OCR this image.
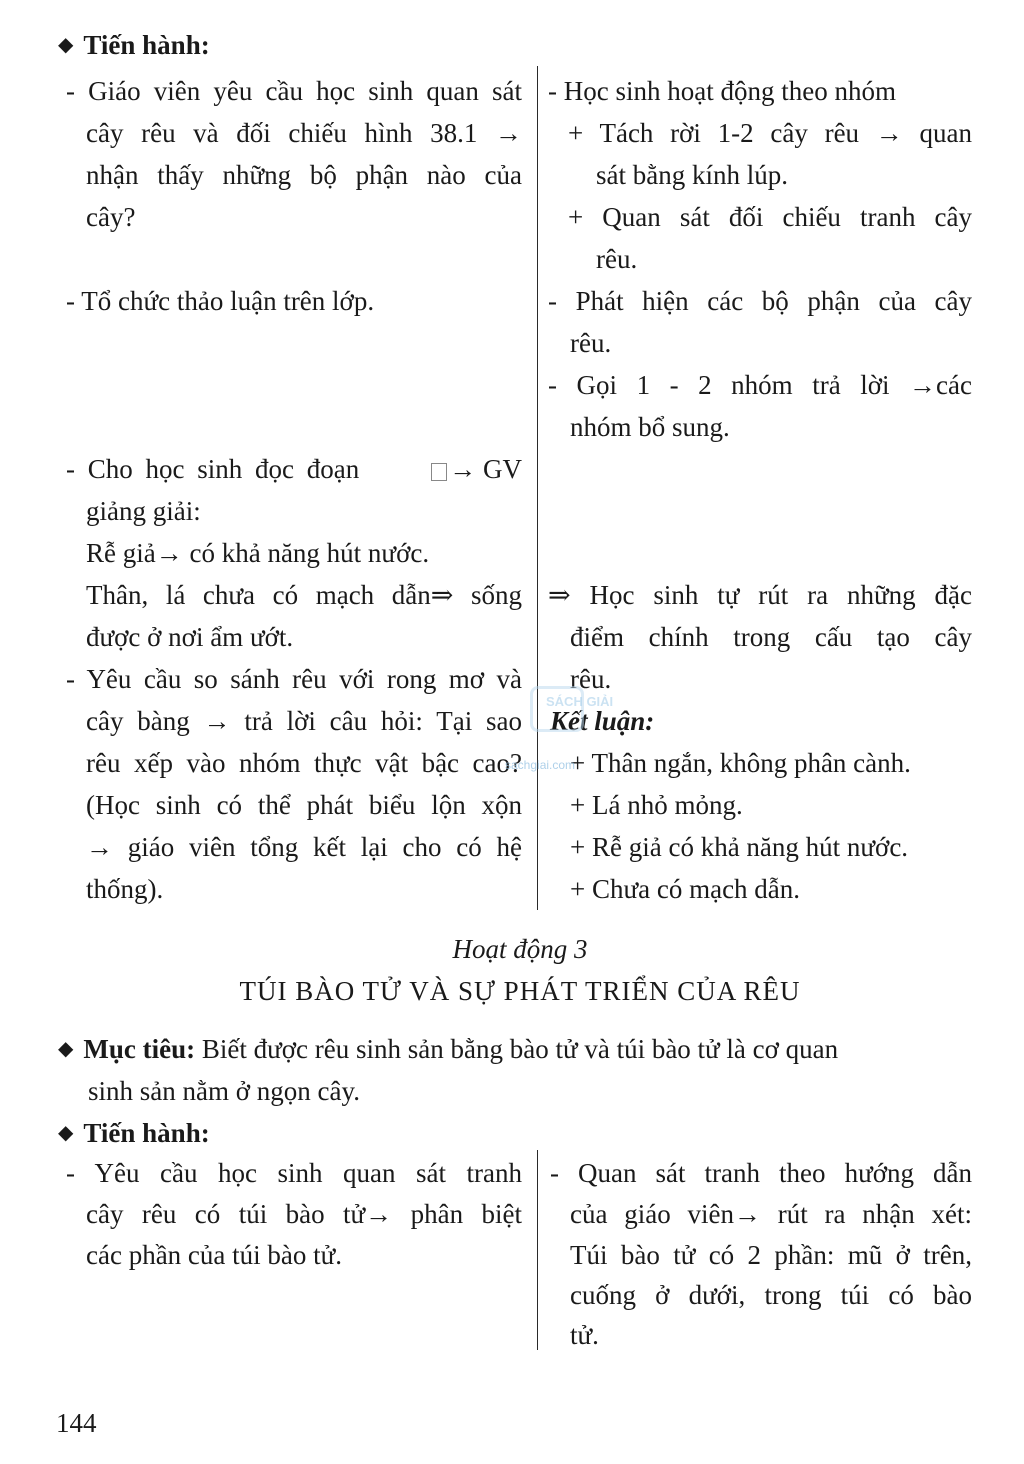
◆ Tiến hành:
- Giáo viên yêu cầu học sinh quan sát
cây rêu và đối chiếu hình 38.1 →
nhận thấy những bộ phận nào của
cây?
- Tổ chức thảo luận trên lớp.
- Cho học sinh đọc đoạn	→ GV
giảng giải:
Rễ giả→ có khả năng hút nước.
Thân, lá chưa có mạch dẫn⇒ sống
được ở nơi ẩm ướt.
- Yêu cầu so sánh rêu với rong mơ và
cây bàng → trả lời câu hỏi: Tại sao
rêu xếp vào nhóm thực vật bậc cao?
(Học sinh có thể phát biểu lộn xộn
→ giáo viên tổng kết lại cho có hệ
thống).
- Học sinh hoạt động theo nhóm
+ Tách rời 1-2 cây rêu → quan
sát bằng kính lúp.
+ Quan sát đối chiếu tranh cây
rêu.
- Phát hiện các bộ phận của cây
rêu.
- Gọi 1 - 2 nhóm trả lời →các
nhóm bổ sung.
⇒ Học sinh tự rút ra những đặc
điểm chính trong cấu tạo cây
rêu.
Kết luận:
+ Thân ngắn, không phân cành.
+ Lá nhỏ mỏng.
+ Rễ giả có khả năng hút nước.
+ Chưa có mạch dẫn.
SÁCH GIẢI
sachgiai.com
Hoạt động 3
TÚI BÀO TỬ VÀ SỰ PHÁT TRIỂN CỦA RÊU
◆ Mục tiêu: Biết được rêu sinh sản bằng bào tử và túi bào tử là cơ quan
sinh sản nằm ở ngọn cây.
◆ Tiến hành:
- Yêu cầu học sinh quan sát tranh
cây rêu có túi bào tử→ phân biệt
các phần của túi bào tử.
- Quan sát tranh theo hướng dẫn
của giáo viên→ rút ra nhận xét:
Túi bào tử có 2 phần: mũ ở trên,
cuống ở dưới, trong túi có bào
tử.
144
